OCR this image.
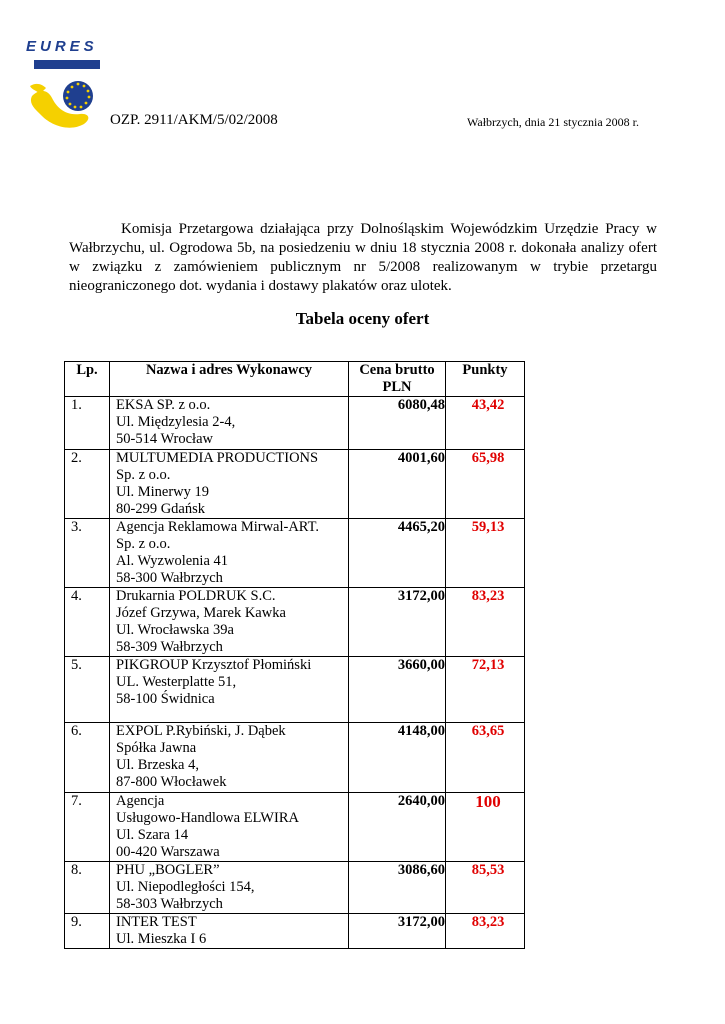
EURES
OZP. 2911/AKM/5/02/2008	Wałbrzych, dnia 21 stycznia 2008 r.
Komisja Przetargowa działająca przy Dolnośląskim Wojewódzkim Urzędzie Pracy w Wałbrzychu, ul. Ogrodowa 5b, na posiedzeniu w dniu 18 stycznia 2008 r. dokonała analizy ofert w związku z zamówieniem publicznym nr 5/2008 realizowanym w trybie przetargu nieograniczonego dot. wydania i dostawy plakatów oraz ulotek.
Tabela oceny ofert
Lp.	Nazwa i adres Wykonawcy	Cena brutto PLN	Punkty
1.	EKSA SP. z o.o.
Ul. Międzylesia 2-4,
50-514 Wrocław	6080,48	43,42
2.	MULTUMEDIA PRODUCTIONS
Sp. z o.o.
Ul. Minerwy 19
80-299 Gdańsk	4001,60	65,98
3.	Agencja Reklamowa Mirwal-ART.
Sp. z o.o.
Al. Wyzwolenia 41
58-300 Wałbrzych	4465,20	59,13
4.	Drukarnia POLDRUK S.C.
Józef Grzywa, Marek Kawka
Ul. Wrocławska 39a
58-309 Wałbrzych	3172,00	83,23
5.	PIKGROUP Krzysztof Płomiński
UL. Westerplatte 51,
58-100 Świdnica	3660,00	72,13
6.	EXPOL P.Rybiński, J. Dąbek
Spółka Jawna
Ul. Brzeska 4,
87-800 Włocławek	4148,00	63,65
7.	Agencja
Usługowo-Handlowa ELWIRA
Ul. Szara 14
00-420 Warszawa	2640,00	100
8.	PHU „BOGLER”
Ul. Niepodległości 154,
58-303 Wałbrzych	3086,60	85,53
9.	INTER TEST
Ul. Mieszka I 6	3172,00	83,23
